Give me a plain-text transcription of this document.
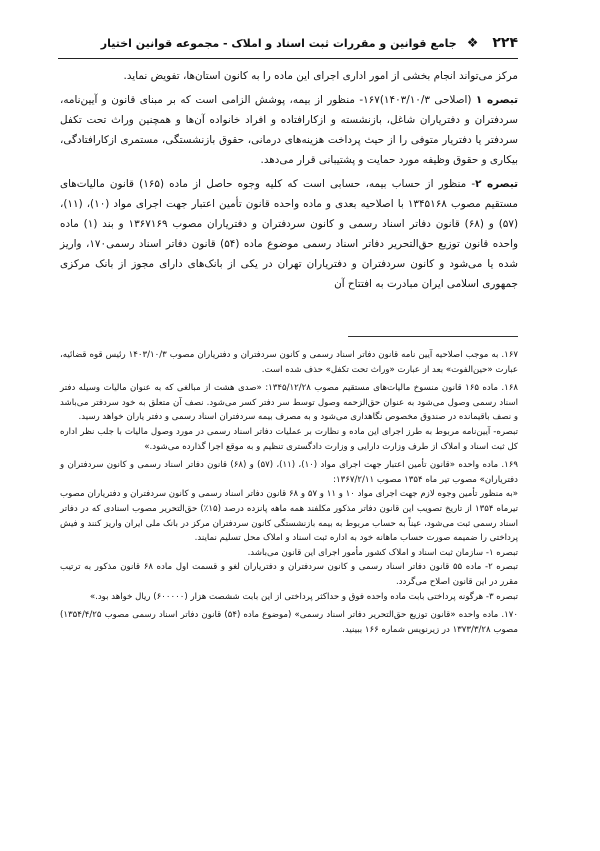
۲۲۴
❖
جامع قوانین و مقررات ثبت اسناد و املاک - مجموعه قوانین اختیار

مرکز می‌تواند انجام بخشی از امور اداری اجرای این ماده را به کانون استان‌ها، تفویض نماید.

تبصره ۱ (اصلاحی ۱۴۰۳/۱۰/۳)۱۶۷- منظور از بیمه، پوشش الزامی است که بر مبنای قانون و آیین‌نامه، سردفتران و دفتریاران شاغل، بازنشسته و ازکارافتاده و افراد خانواده آن‌ها و همچنین وراث تحت تکفل سردفتر یا دفتریار متوفی را از حیث پرداخت هزینه‌های درمانی، حقوق بازنشستگی، مستمری ازکارافتادگی، بیکاری و حقوق وظیفه مورد حمایت و پشتیبانی قرار می‌دهد.

تبصره ۲- منظور از حساب بیمه، حسابی است که کلیه وجوه حاصل از ماده (۱۶۵) قانون مالیات‌های مستقیم مصوب ۱۳۴۵۱۶۸ با اصلاحیه بعدی و ماده واحده قانون تأمین اعتبار جهت اجرای مواد (۱۰)، (۱۱)، (۵۷) و (۶۸) قانون دفاتر اسناد رسمی و کانون سردفتران و دفتریاران مصوب ۱۳۶۷۱۶۹ و بند (۱) ماده واحده قانون توزیع حق‌التحریر دفاتر اسناد رسمی موضوع ماده (۵۴) قانون دفاتر اسناد رسمی۱۷۰، واریز شده یا می‌شود و کانون سردفتران و دفتریاران تهران در یکی از بانک‌های دارای مجوز از بانک مرکزی جمهوری اسلامی ایران مبادرت به افتتاح آن

۱۶۷. به موجب اصلاحیه آیین نامه قانون دفاتر اسناد رسمی و کانون سردفتران و دفتریاران مصوب ۱۴۰۳/۱۰/۳ رئیس قوه قضائیه، عبارت «حین‌الفوت» بعد از عبارت «وراث تحت تکفل» حذف شده است.

۱۶۸. ماده ۱۶۵ قانون منسوخ مالیات‌های مستقیم مصوب ۱۳۴۵/۱۲/۲۸: «صدی هشت از مبالغی که به عنوان مالیات وسیله دفتر اسناد رسمی وصول می‌شود به عنوان حق‌الزحمه وصول توسط سر دفتر کسر می‌شود. نصف آن متعلق به خود سردفتر می‌باشد و نصف باقیمانده در صندوق مخصوص نگاهداری می‌شود و به مصرف بیمه سردفتران اسناد رسمی و دفتر یاران خواهد رسید.

تبصره- آیین‌نامه مربوط به طرز اجرای این ماده و نظارت بر عملیات دفاتر اسناد رسمی در مورد وصول مالیات با جلب نظر اداره کل ثبت اسناد و املاک از طرف وزارت دارایی و وزارت دادگستری تنظیم و به موقع اجرا گذارده می‌شود.»

۱۶۹. ماده واحده «قانون تأمین اعتبار جهت اجرای مواد (۱۰)، (۱۱)، (۵۷) و (۶۸) قانون دفاتر اسناد رسمی و کانون سردفتران و دفتریاران» مصوب تیر ماه ۱۳۵۴ مصوب ۱۳۶۷/۲/۱۱:

«به منظور تأمین وجوه لازم جهت اجرای مواد ۱۰ و ۱۱ و ۵۷ و ۶۸ قانون دفاتر اسناد رسمی و کانون سردفتران و دفتریاران مصوب تیرماه ۱۳۵۴ از تاریخ تصویب این قانون دفاتر مذکور مکلفند همه ماهه پانزده درصد (۱۵٪) حق‌التحریر مصوب اسنادی که در دفاتر اسناد رسمی ثبت می‌شود، عیناً به حساب مربوط به بیمه بازنشستگی کانون سردفتران مرکز در بانک ملی ایران واریز کنند و فیش پرداختی را ضمیمه صورت حساب ماهانه خود به اداره ثبت اسناد و املاک محل تسلیم نمایند.

تبصره ۱- سازمان ثبت اسناد و املاک کشور مأمور اجرای این قانون می‌باشد.

تبصره ۲- ماده ۵۵ قانون دفاتر اسناد رسمی و کانون سردفتران و دفتریاران لغو و قسمت اول ماده ۶۸ قانون مذکور به ترتیب مقرر در این قانون اصلاح می‌گردد.

تبصره ۳- هرگونه پرداختی بابت ماده واحده فوق و حداکثر پرداختی از این بابت ششصت هزار (۶۰۰۰۰۰) ریال خواهد بود.»

۱۷۰. ماده واحده «قانون توزیع حق‌التحریر دفاتر اسناد رسمی» (موضوع ماده (۵۴) قانون دفاتر اسناد رسمی مصوب ۱۳۵۴/۴/۲۵) مصوب ۱۳۷۳/۳/۲۸ در زیرنویس شماره ۱۶۶ ببینید.
